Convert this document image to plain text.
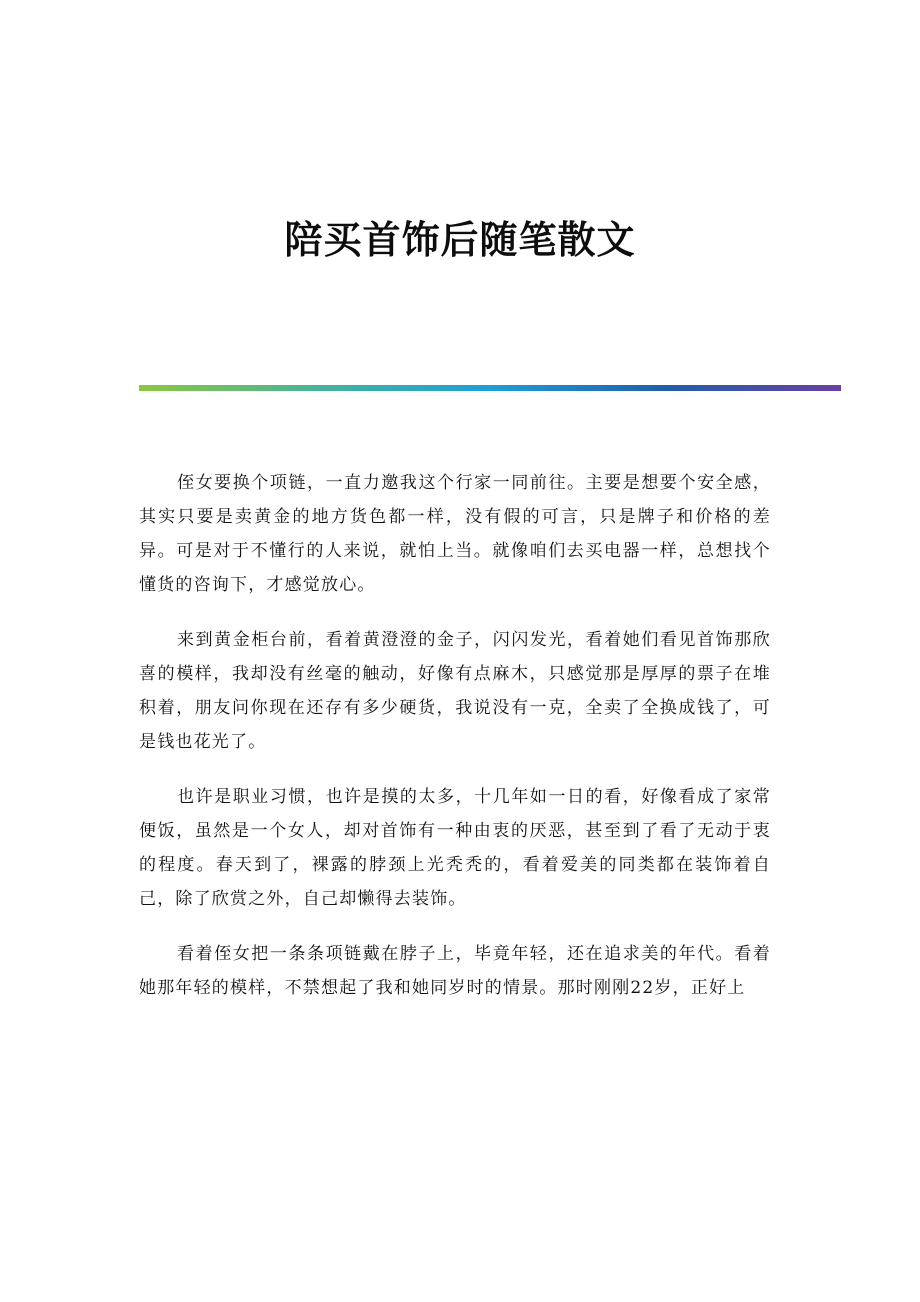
陪买首饰后随笔散文

侄女要换个项链，一直力邀我这个行家一同前往。主要是想要个安全感，其实只要是卖黄金的地方货色都一样，没有假的可言，只是牌子和价格的差异。可是对于不懂行的人来说，就怕上当。就像咱们去买电器一样，总想找个懂货的咨询下，才感觉放心。

来到黄金柜台前，看着黄澄澄的金子，闪闪发光，看着她们看见首饰那欣喜的模样，我却没有丝毫的触动，好像有点麻木，只感觉那是厚厚的票子在堆积着，朋友问你现在还存有多少硬货，我说没有一克，全卖了全换成钱了，可是钱也花光了。

也许是职业习惯，也许是摸的太多，十几年如一日的看，好像看成了家常便饭，虽然是一个女人，却对首饰有一种由衷的厌恶，甚至到了看了无动于衷的程度。春天到了，裸露的脖颈上光秃秃的，看着爱美的同类都在装饰着自己，除了欣赏之外，自己却懒得去装饰。

看着侄女把一条条项链戴在脖子上，毕竟年轻，还在追求美的年代。看着她那年轻的模样，不禁想起了我和她同岁时的情景。那时刚刚22岁，正好上
